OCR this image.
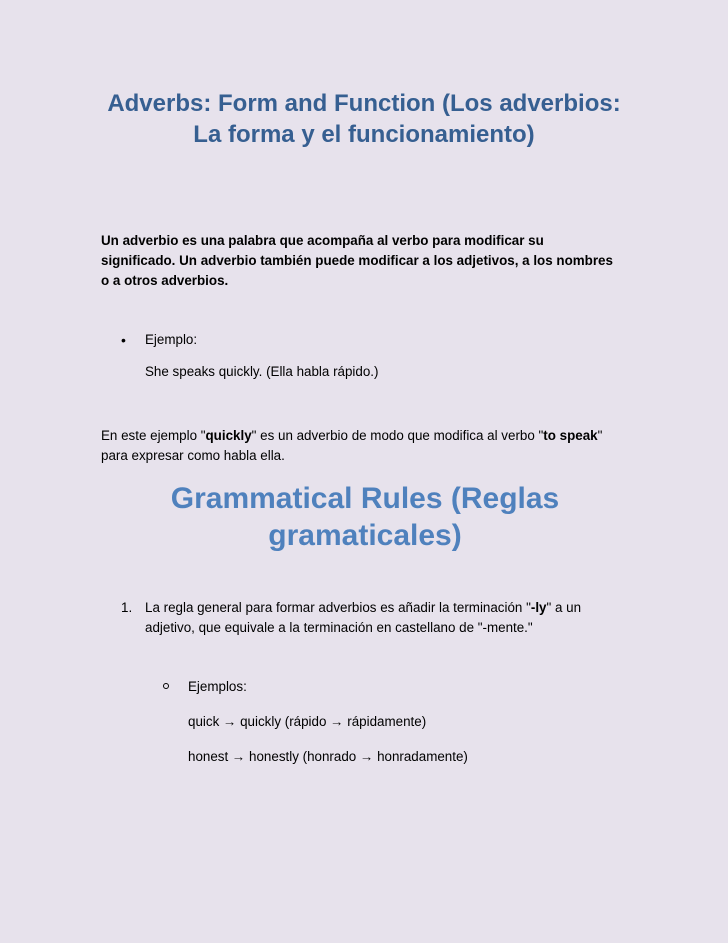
Adverbs: Form and Function (Los adverbios: La forma y el funcionamiento)

Un adverbio es una palabra que acompaña al verbo para modificar su significado. Un adverbio también puede modificar a los adjetivos, a los nombres o a otros adverbios.

• Ejemplo:
She speaks quickly. (Ella habla rápido.)

En este ejemplo "quickly" es un adverbio de modo que modifica al verbo "to speak" para expresar como habla ella.

Grammatical Rules (Reglas gramaticales)
1. La regla general para formar adverbios es añadir la terminación "-ly" a un adjetivo, que equivale a la terminación en castellano de "-mente."

Ejemplos:
quick → quickly (rápido → rápidamente)
honest → honestly (honrado → honradamente)
